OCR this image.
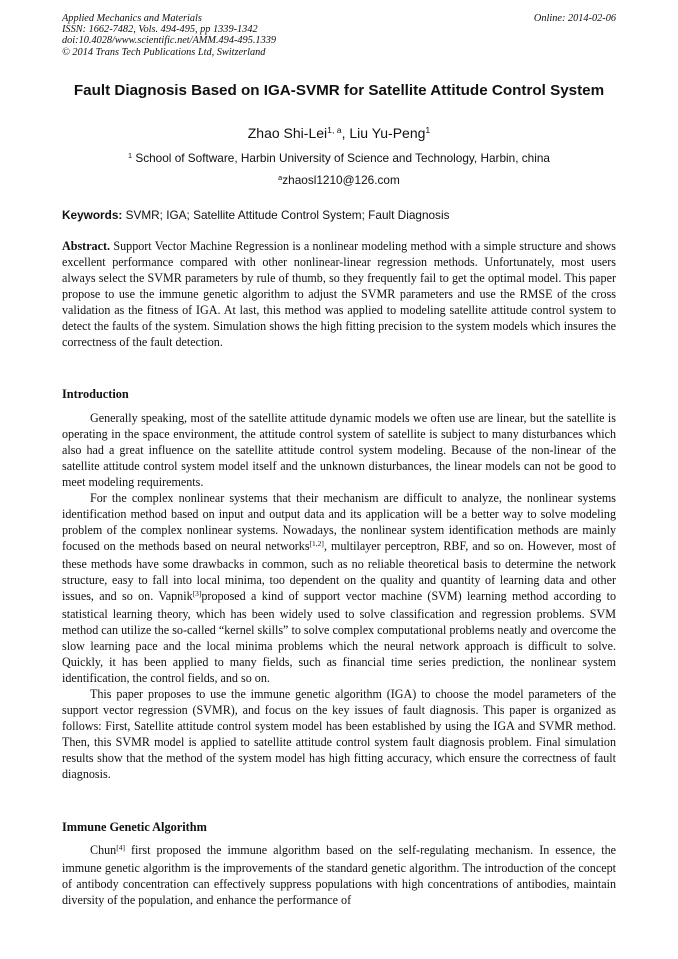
Applied Mechanics and Materials
ISSN: 1662-7482, Vols. 494-495, pp 1339-1342
doi:10.4028/www.scientific.net/AMM.494-495.1339
© 2014 Trans Tech Publications Ltd, Switzerland
Online: 2014-02-06
Fault Diagnosis Based on IGA-SVMR for Satellite Attitude Control System
Zhao Shi-Lei$^{1, a}$, Liu Yu-Peng$^1$
$^1$ School of Software, Harbin University of Science and Technology, Harbin, china
$^a$zhaosl1210@126.com
Keywords: SVMR; IGA; Satellite Attitude Control System; Fault Diagnosis

Abstract. Support Vector Machine Regression is a nonlinear modeling method with a simple structure and shows excellent performance compared with other nonlinear-linear regression methods. Unfortunately, most users always select the SVMR parameters by rule of thumb, so they frequently fail to get the optimal model. This paper propose to use the immune genetic algorithm to adjust the SVMR parameters and use the RMSE of the cross validation as the fitness of IGA. At last, this method was applied to modeling satellite attitude control system to detect the faults of the system. Simulation shows the high fitting precision to the system models which insures the correctness of the fault detection.

Introduction

Generally speaking, most of the satellite attitude dynamic models we often use are linear, but the satellite is operating in the space environment, the attitude control system of satellite is subject to many disturbances which also had a great influence on the satellite attitude control system modeling. Because of the non-linear of the satellite attitude control system model itself and the unknown disturbances, the linear models can not be good to meet modeling requirements.

For the complex nonlinear systems that their mechanism are difficult to analyze, the nonlinear systems identification method based on input and output data and its application will be a better way to solve modeling problem of the complex nonlinear systems. Nowadays, the nonlinear system identification methods are mainly focused on the methods based on neural networks[1,2], multilayer perceptron, RBF, and so on. However, most of these methods have some drawbacks in common, such as no reliable theoretical basis to determine the network structure, easy to fall into local minima, too dependent on the quality and quantity of learning data and other issues, and so on. Vapnik[3]proposed a kind of support vector machine (SVM) learning method according to statistical learning theory, which has been widely used to solve classification and regression problems. SVM method can utilize the so-called “kernel skills” to solve complex computational problems neatly and overcome the slow learning pace and the local minima problems which the neural network approach is difficult to solve. Quickly, it has been applied to many fields, such as financial time series prediction, the nonlinear system identification, the control fields, and so on.

This paper proposes to use the immune genetic algorithm (IGA) to choose the model parameters of the support vector regression (SVMR), and focus on the key issues of fault diagnosis. This paper is organized as follows: First, Satellite attitude control system model has been established by using the IGA and SVMR method. Then, this SVMR model is applied to satellite attitude control system fault diagnosis problem. Final simulation results show that the method of the system model has high fitting accuracy, which ensure the correctness of fault diagnosis.

Immune Genetic Algorithm

Chun[4] first proposed the immune algorithm based on the self-regulating mechanism. In essence, the immune genetic algorithm is the improvements of the standard genetic algorithm. The introduction of the concept of antibody concentration can effectively suppress populations with high concentrations of antibodies, maintain diversity of the population, and enhance the performance of
